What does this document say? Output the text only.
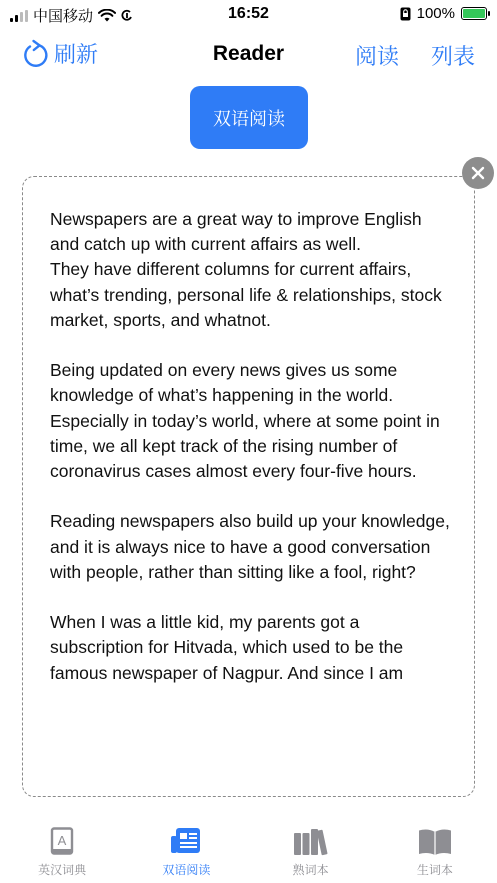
中国移动	16:52	100%
刷新	Reader	阅读 列表
双语阅读
Newspapers are a great way to improve English and catch up with current affairs as well.
They have different columns for current affairs, what’s trending, personal life & relationships, stock market, sports, and whatnot.

Being updated on every news gives us some knowledge of what’s happening in the world. Especially in today’s world, where at some point in time, we all kept track of the rising number of coronavirus cases almost every four-five hours.

Reading newspapers also build up your knowledge, and it is always nice to have a good conversation with people, rather than sitting like a fool, right?

When I was a little kid, my parents got a subscription for Hitvada, which used to be the famous newspaper of Nagpur. And since I am
A
英汉词典	双语阅读	熟词本	生词本
